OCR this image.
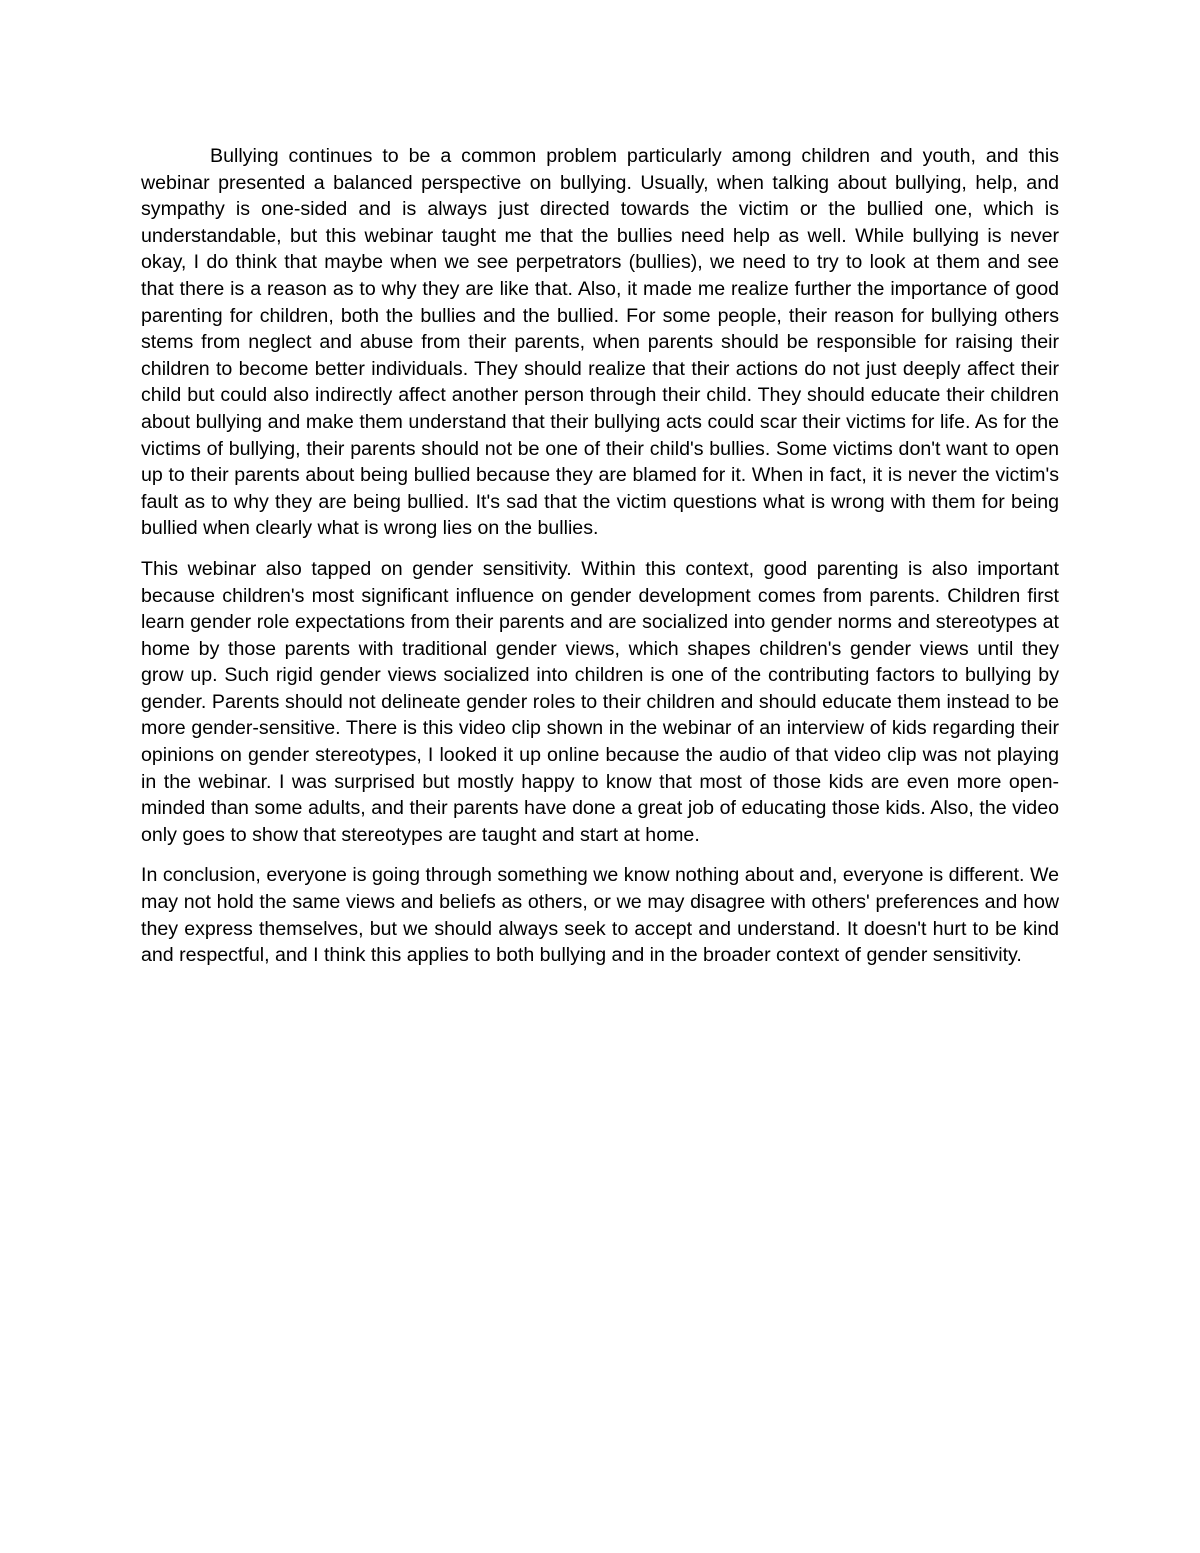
Bullying continues to be a common problem particularly among children and youth, and this webinar presented a balanced perspective on bullying. Usually, when talking about bullying, help, and sympathy is one-sided and is always just directed towards the victim or the bullied one, which is understandable, but this webinar taught me that the bullies need help as well. While bullying is never okay, I do think that maybe when we see perpetrators (bullies), we need to try to look at them and see that there is a reason as to why they are like that. Also, it made me realize further the importance of good parenting for children, both the bullies and the bullied. For some people, their reason for bullying others stems from neglect and abuse from their parents, when parents should be responsible for raising their children to become better individuals. They should realize that their actions do not just deeply affect their child but could also indirectly affect another person through their child. They should educate their children about bullying and make them understand that their bullying acts could scar their victims for life. As for the victims of bullying, their parents should not be one of their child's bullies. Some victims don't want to open up to their parents about being bullied because they are blamed for it. When in fact, it is never the victim's fault as to why they are being bullied. It's sad that the victim questions what is wrong with them for being bullied when clearly what is wrong lies on the bullies.

This webinar also tapped on gender sensitivity. Within this context, good parenting is also important because children's most significant influence on gender development comes from parents. Children first learn gender role expectations from their parents and are socialized into gender norms and stereotypes at home by those parents with traditional gender views, which shapes children's gender views until they grow up. Such rigid gender views socialized into children is one of the contributing factors to bullying by gender. Parents should not delineate gender roles to their children and should educate them instead to be more gender-sensitive. There is this video clip shown in the webinar of an interview of kids regarding their opinions on gender stereotypes, I looked it up online because the audio of that video clip was not playing in the webinar. I was surprised but mostly happy to know that most of those kids are even more open-minded than some adults, and their parents have done a great job of educating those kids. Also, the video only goes to show that stereotypes are taught and start at home.

In conclusion, everyone is going through something we know nothing about and, everyone is different. We may not hold the same views and beliefs as others, or we may disagree with others' preferences and how they express themselves, but we should always seek to accept and understand. It doesn't hurt to be kind and respectful, and I think this applies to both bullying and in the broader context of gender sensitivity.
